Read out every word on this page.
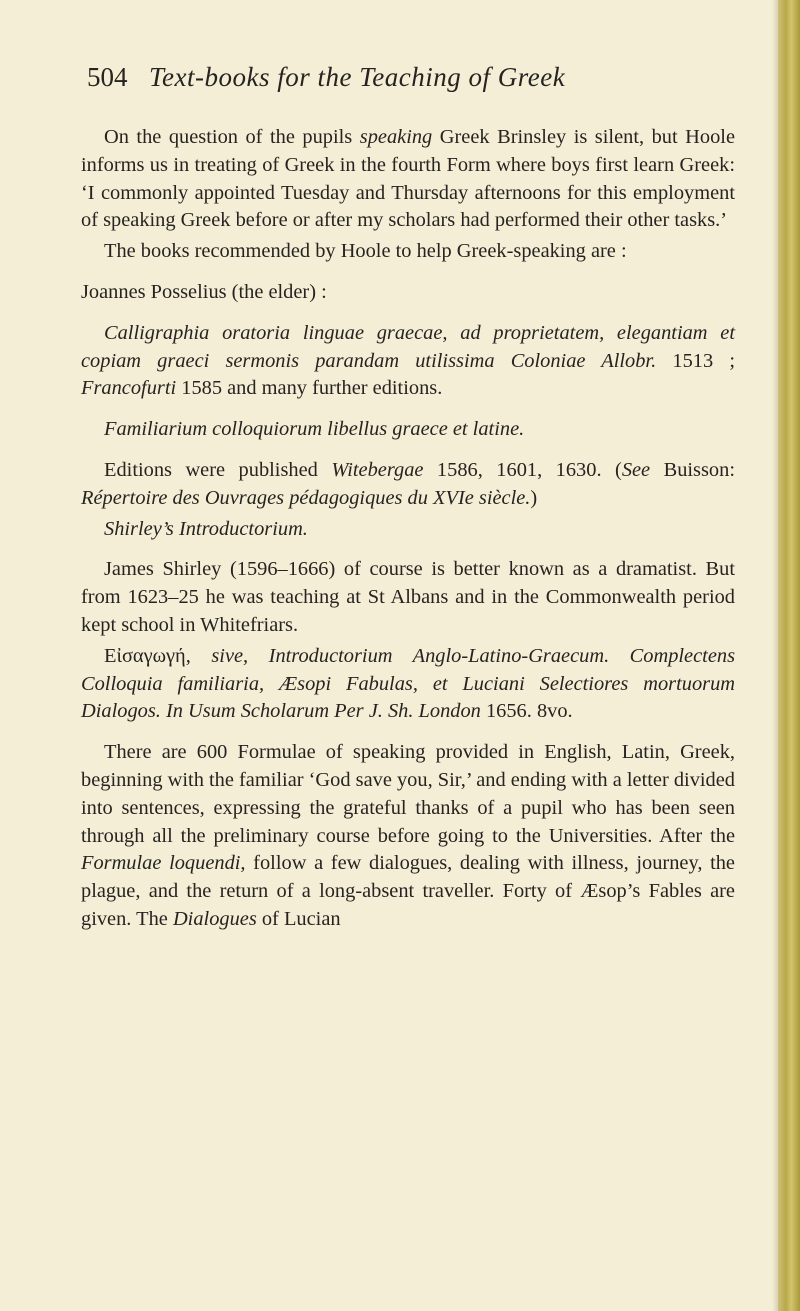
504 Text-books for the Teaching of Greek

On the question of the pupils speaking Greek Brinsley is silent, but Hoole informs us in treating of Greek in the fourth Form where boys first learn Greek: ‘I commonly appointed Tuesday and Thursday afternoons for this employment of speaking Greek before or after my scholars had performed their other tasks.’

The books recommended by Hoole to help Greek-speaking are :

Joannes Posselius (the elder) :

Calligraphia oratoria linguae graecae, ad proprietatem, elegantiam et copiam graeci sermonis parandam utilissima Coloniae Allobr. 1513 ; Francofurti 1585 and many further editions.

Familiarium colloquiorum libellus graece et latine.

Editions were published Witebergae 1586, 1601, 1630. (See Buisson: Répertoire des Ouvrages pédagogiques du XVIe siècle.)

Shirley’s Introductorium.

James Shirley (1596–1666) of course is better known as a dramatist. But from 1623–25 he was teaching at St Albans and in the Commonwealth period kept school in Whitefriars.

Εἰσαγωγή, sive, Introductorium Anglo-Latino-Graecum. Complectens Colloquia familiaria, Æsopi Fabulas, et Luciani Selectiores mortuorum Dialogos. In Usum Scholarum Per J. Sh. London 1656. 8vo.

There are 600 Formulae of speaking provided in English, Latin, Greek, beginning with the familiar ‘God save you, Sir,’ and ending with a letter divided into sentences, expressing the grateful thanks of a pupil who has been seen through all the preliminary course before going to the Universities. After the Formulae loquendi, follow a few dialogues, dealing with illness, journey, the plague, and the return of a long-absent traveller. Forty of Æsop’s Fables are given. The Dialogues of Lucian
